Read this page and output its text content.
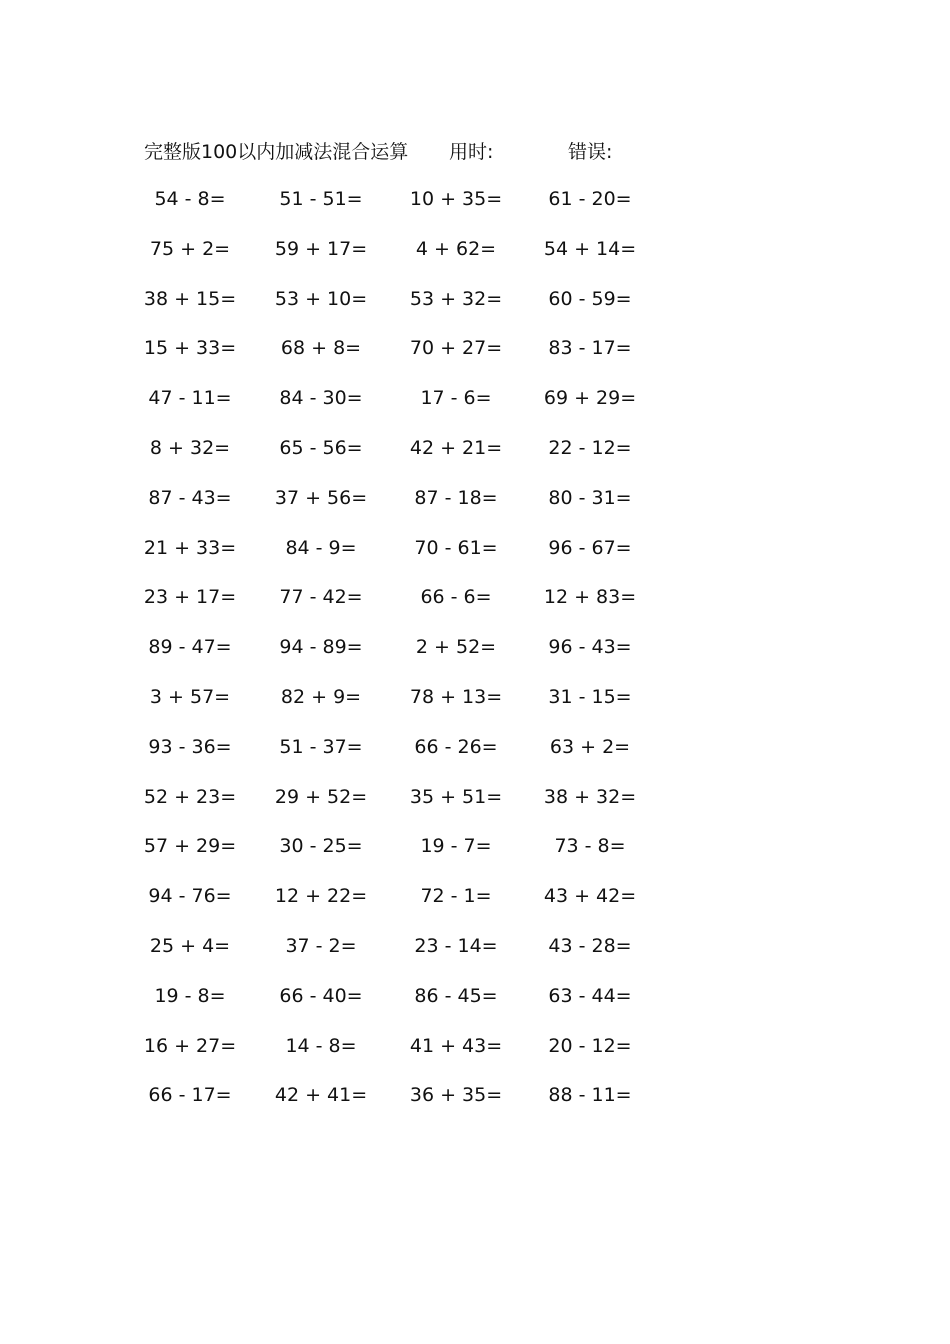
完整版100以内加减法混合运算 用时:	错误:
54 - 8=	51 - 51=	10 + 35=	61 - 20=
75 + 2=	59 + 17=	4 + 62=	54 + 14=
38 + 15=	53 + 10=	53 + 32=	60 - 59=
15 + 33=	68 + 8=	70 + 27=	83 - 17=
47 - 11=	84 - 30=	17 - 6=	69 + 29=
8 + 32=	65 - 56=	42 + 21=	22 - 12=
87 - 43=	37 + 56=	87 - 18=	80 - 31=
21 + 33=	84 - 9=	70 - 61=	96 - 67=
23 + 17=	77 - 42=	66 - 6=	12 + 83=
89 - 47=	94 - 89=	2 + 52=	96 - 43=
3 + 57=	82 + 9=	78 + 13=	31 - 15=
93 - 36=	51 - 37=	66 - 26=	63 + 2=
52 + 23=	29 + 52=	35 + 51=	38 + 32=
57 + 29=	30 - 25=	19 - 7=	73 - 8=
94 - 76=	12 + 22=	72 - 1=	43 + 42=
25 + 4=	37 - 2=	23 - 14=	43 - 28=
19 - 8=	66 - 40=	86 - 45=	63 - 44=
16 + 27=	14 - 8=	41 + 43=	20 - 12=
66 - 17=	42 + 41=	36 + 35=	88 - 11=
